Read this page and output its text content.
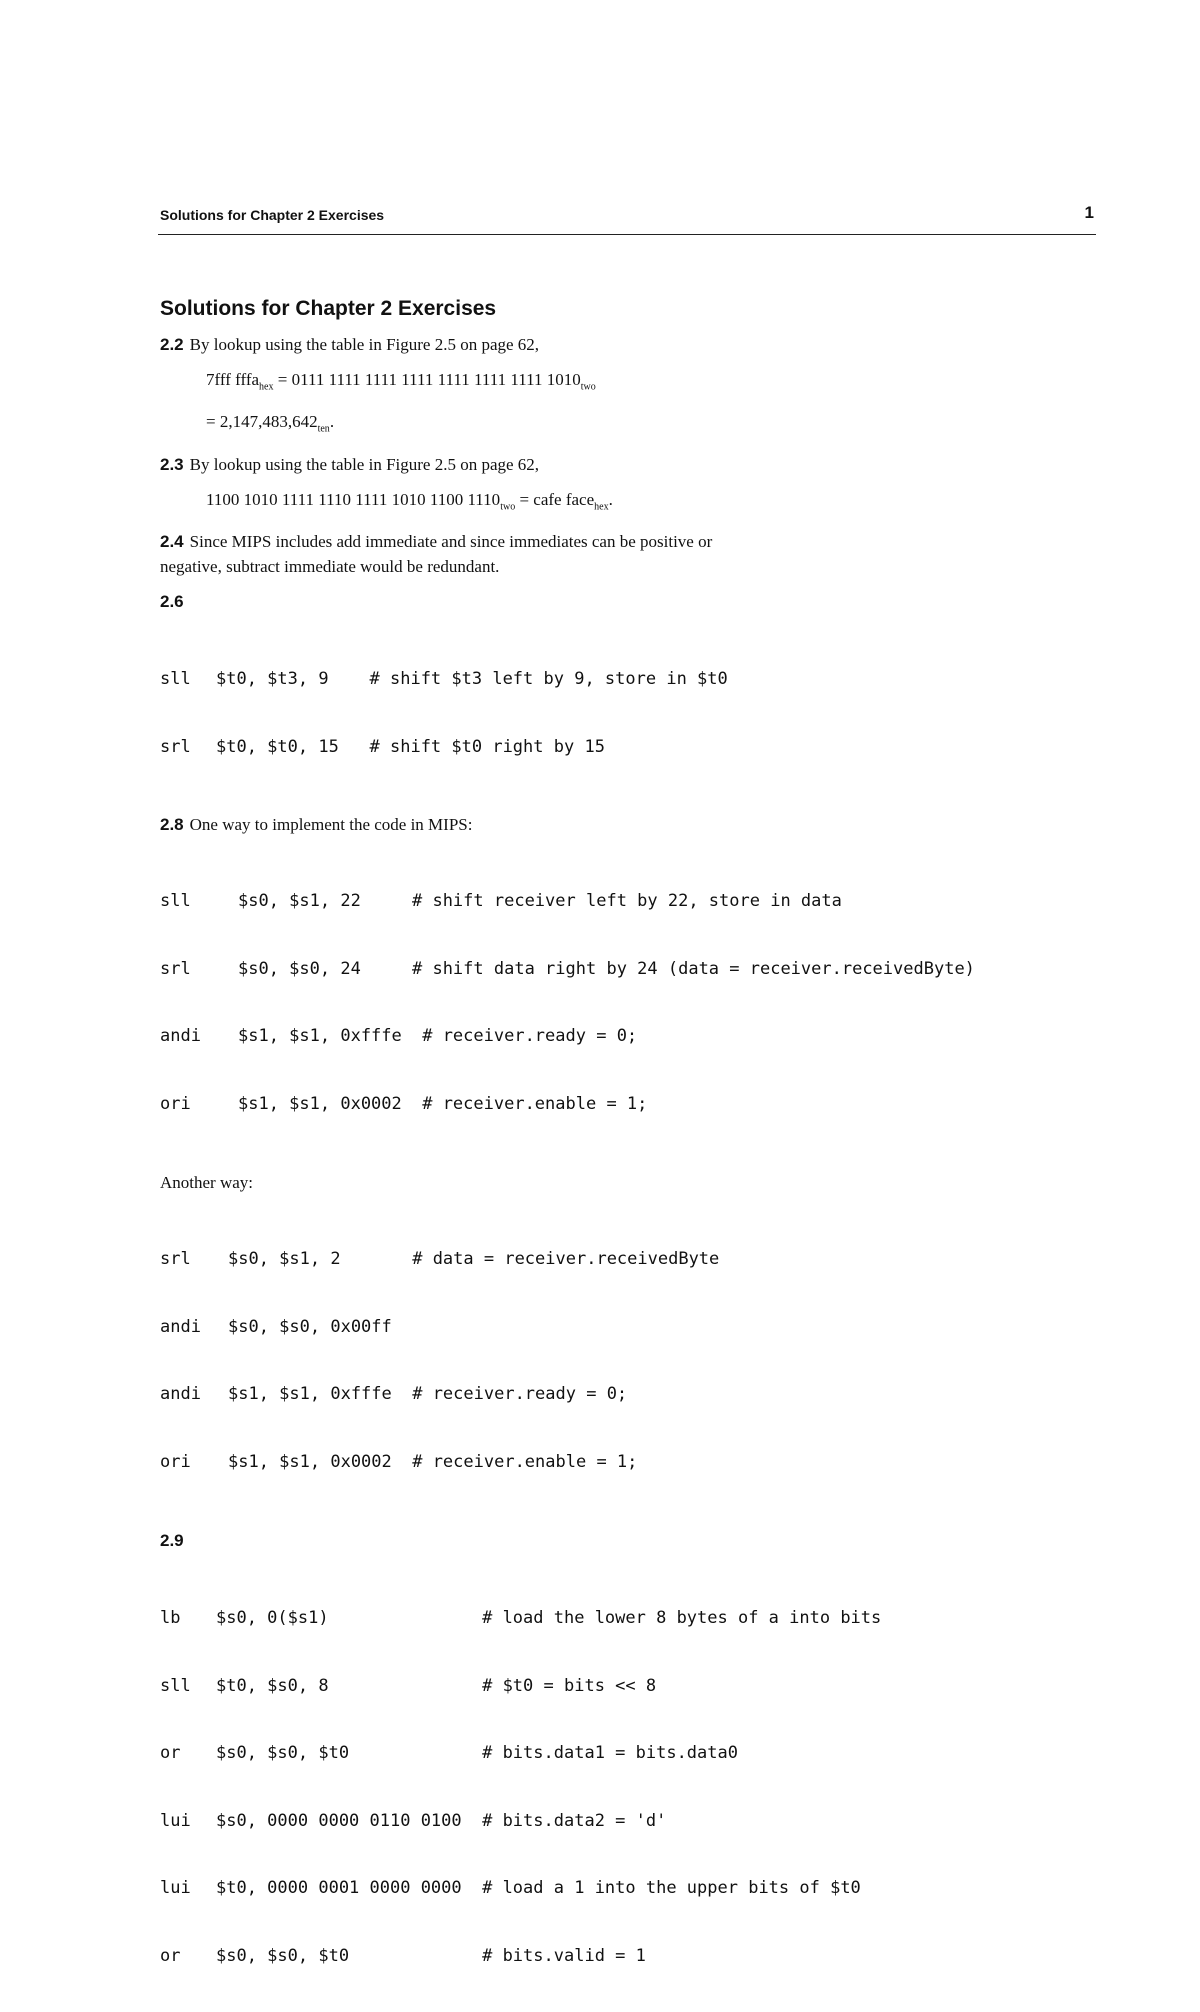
Solutions for Chapter 2 Exercises	1
Solutions for Chapter 2 Exercises

2.2 By lookup using the table in Figure 2.5 on page 62,

7fff fffa$_{hex}$ = 0111 1111 1111 1111 1111 1111 1111 $1010_{two}$

= $2,147,483,642_{ten}$.

2.3 By lookup using the table in Figure 2.5 on page 62,

1100 1010 1111 1110 1111 1010 1100 $1110_{two}$ = cafe face$_{hex}$.

2.4 Since MIPS includes add immediate and since immediates can be positive or
negative, subtract immediate would be redundant.

2.6

sll $t0, $t3, 9    # shift $t3 left by 9, store in $t0

srl $t0, $t0, 15   # shift $t0 right by 15

2.8 One way to implement the code in MIPS:

sll	$s0, $s1, 22     # shift receiver left by 22, store in data

srl	$s0, $s0, 24     # shift data right by 24 (data = receiver.receivedByte)

andi $s1, $s1, 0xfffe  # receiver.ready = 0;

ori	$s1, $s1, 0x0002  # receiver.enable = 1;

Another way:

srl $s0, $s1, 2       # data = receiver.receivedByte

andi $s0, $s0, 0x00ff

andi $s1, $s1, 0xfffe  # receiver.ready = 0;

ori $s1, $s1, 0x0002  # receiver.enable = 1;

2.9

lb $s0, 0($s1)               # load the lower 8 bytes of a into bits

sll $t0, $s0, 8               # $t0 = bits << 8

or $s0, $s0, $t0             # bits.data1 = bits.data0

lui $s0, 0000 0000 0110 0100  # bits.data2 = 'd'

lui $t0, 0000 0001 0000 0000  # load a 1 into the upper bits of $t0

or $s0, $s0, $t0             # bits.valid = 1
